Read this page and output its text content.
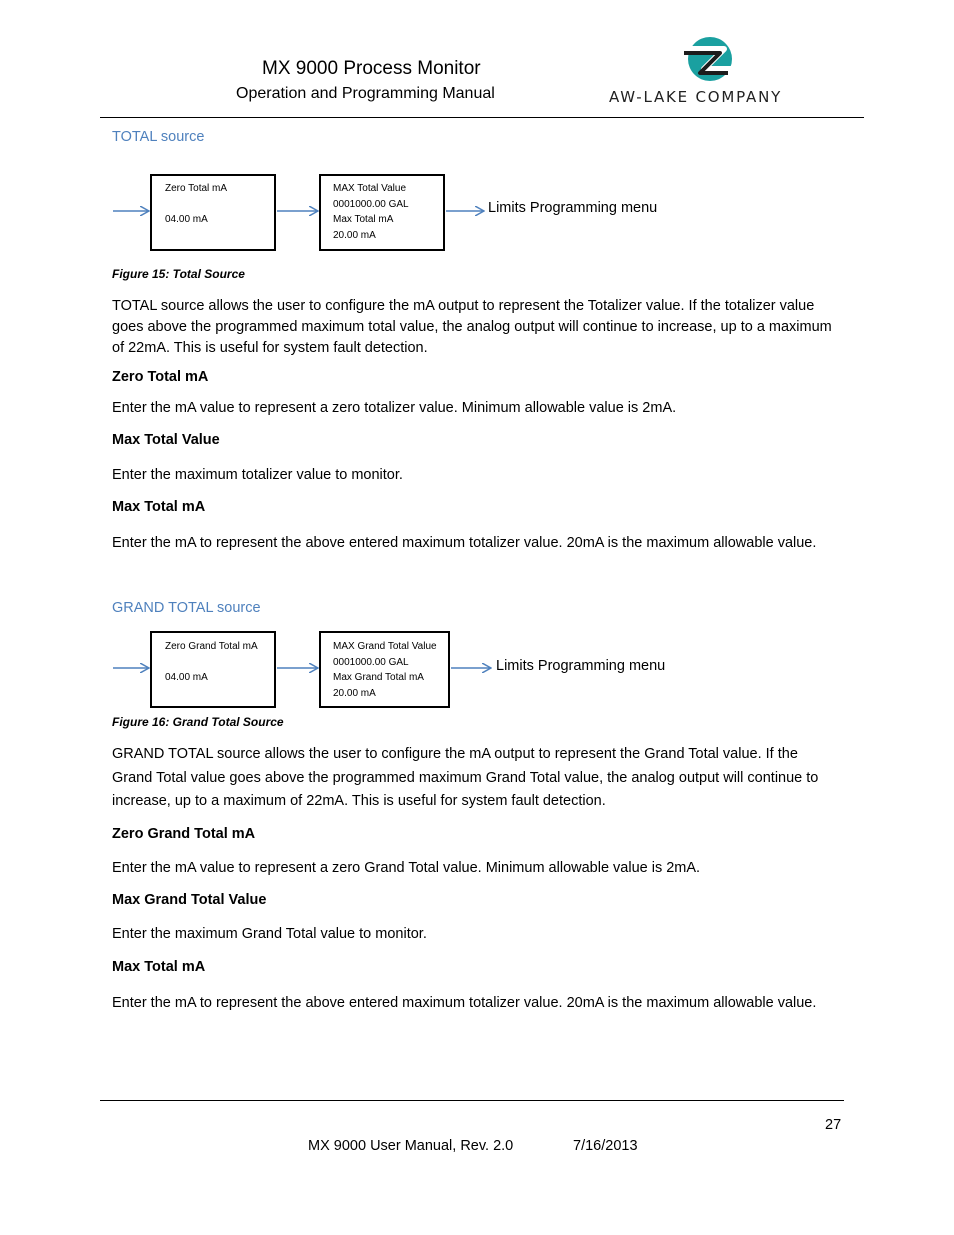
MX 9000 Process Monitor
Operation and Programming Manual	AW-LAKE COMPANY
TOTAL source
Zero Total mA
04.00 mA
MAX Total Value
0001000.00 GAL
Max Total mA
20.00 mA
Limits Programming menu
Figure 15: Total Source
TOTAL source allows the user to configure the mA output to represent the Totalizer value. If the totalizer value goes above the programmed maximum total value, the analog output will continue to increase, up to a maximum of 22mA. This is useful for system fault detection.
Zero Total mA
Enter the mA value to represent a zero totalizer value. Minimum allowable value is 2mA.
Max Total Value
Enter the maximum totalizer value to monitor.
Max Total mA
Enter the mA to represent the above entered maximum totalizer value. 20mA is the maximum allowable value.
GRAND TOTAL source
Zero Grand Total mA
04.00 mA
MAX Grand Total Value
0001000.00 GAL
Max Grand Total mA
20.00 mA
Limits Programming menu
Figure 16: Grand Total Source
GRAND TOTAL source allows the user to configure the mA output to represent the Grand Total value. If the Grand Total value goes above the programmed maximum Grand Total value, the analog output will continue to increase, up to a maximum of 22mA. This is useful for system fault detection.
Zero Grand Total mA
Enter the mA value to represent a zero Grand Total value. Minimum allowable value is 2mA.
Max Grand Total Value
Enter the maximum Grand Total value to monitor.
Max Total mA
Enter the mA to represent the above entered maximum totalizer value. 20mA is the maximum allowable value.
27
MX 9000 User Manual, Rev. 2.0	7/16/2013
